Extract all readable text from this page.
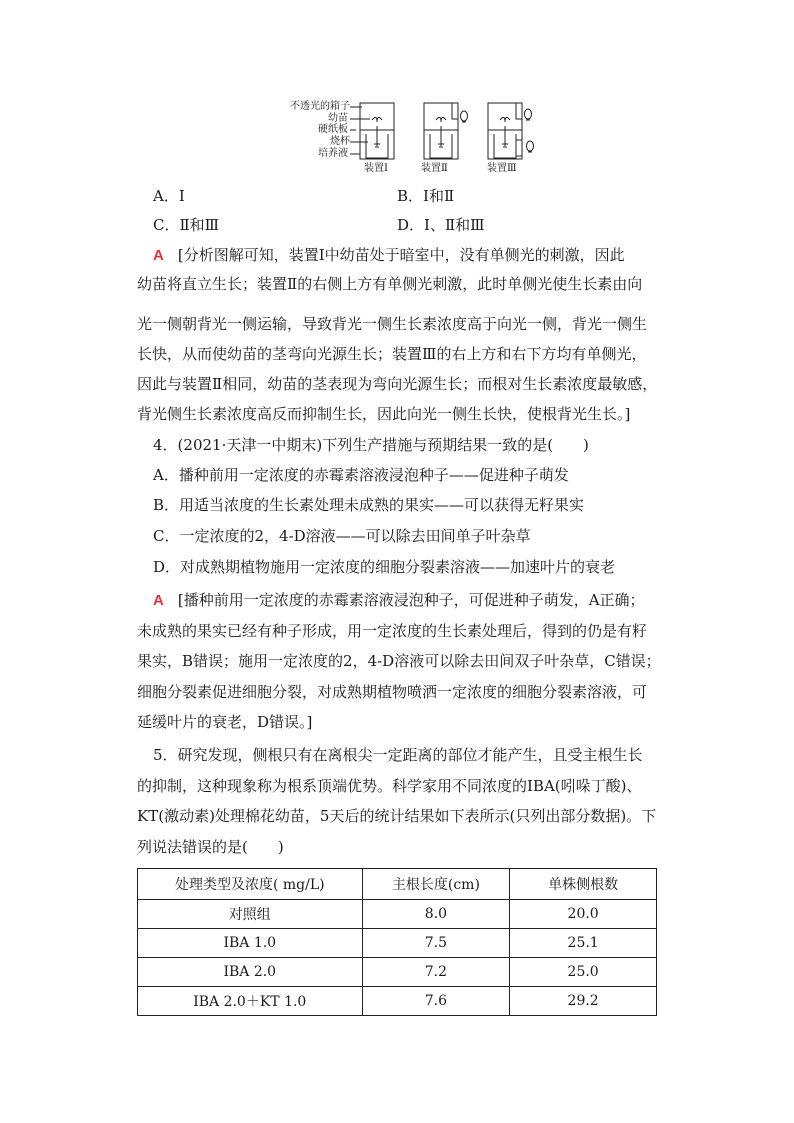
不透光的箱子
幼苗
硬纸板
烧杯
培养液
装置Ⅰ	装置Ⅱ	装置Ⅲ
A．Ⅰ	B．Ⅰ和Ⅱ
C．Ⅱ和Ⅲ	D．Ⅰ、Ⅱ和Ⅲ
A [分析图解可知，装置Ⅰ中幼苗处于暗室中，没有单侧光的刺激，因此
幼苗将直立生长；装置Ⅱ的右侧上方有单侧光刺激，此时单侧光使生长素由向
光一侧朝背光一侧运输，导致背光一侧生长素浓度高于向光一侧，背光一侧生
长快，从而使幼苗的茎弯向光源生长；装置Ⅲ的右上方和右下方均有单侧光，
因此与装置Ⅱ相同，幼苗的茎表现为弯向光源生长；而根对生长素浓度最敏感，
背光侧生长素浓度高反而抑制生长，因此向光一侧生长快，使根背光生长。]
4．(2021·天津一中期末)下列生产措施与预期结果一致的是(　　)
A．播种前用一定浓度的赤霉素溶液浸泡种子——促进种子萌发
B．用适当浓度的生长素处理未成熟的果实——可以获得无籽果实
C．一定浓度的2，4-D溶液——可以除去田间单子叶杂草
D．对成熟期植物施用一定浓度的细胞分裂素溶液——加速叶片的衰老
A [播种前用一定浓度的赤霉素溶液浸泡种子，可促进种子萌发，A正确；
未成熟的果实已经有种子形成，用一定浓度的生长素处理后，得到的仍是有籽
果实，B错误；施用一定浓度的2，4-D溶液可以除去田间双子叶杂草，C错误；
细胞分裂素促进细胞分裂，对成熟期植物喷洒一定浓度的细胞分裂素溶液，可
延缓叶片的衰老，D错误。]
5．研究发现，侧根只有在离根尖一定距离的部位才能产生，且受主根生长
的抑制，这种现象称为根系顶端优势。科学家用不同浓度的IBA(吲哚丁酸)、
KT(激动素)处理棉花幼苗，5天后的统计结果如下表所示(只列出部分数据)。下
列说法错误的是(　　)
处理类型及浓度( mg/L)	主根长度(cm)	单株侧根数
对照组	8.0	20.0
IBA 1.0	7.5	25.1
IBA 2.0	7.2	25.0
IBA 2.0＋KT 1.0	7.6	29.2
